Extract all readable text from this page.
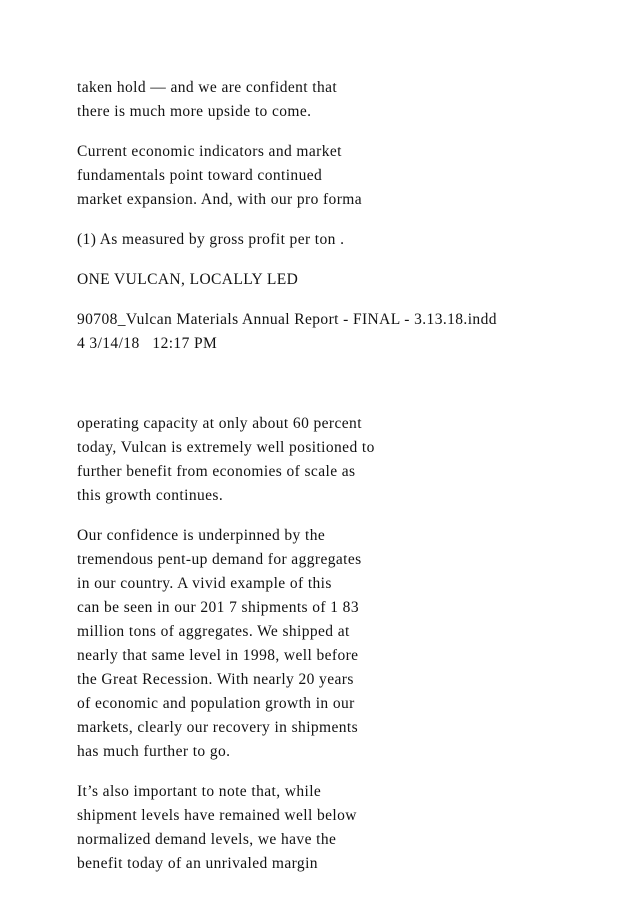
taken hold — and we are confident that
there is much more upside to come.
Current economic indicators and market
fundamentals point toward continued
market expansion. And, with our pro forma
(1) As measured by gross profit per ton .
ONE VULCAN, LOCALLY LED
90708_Vulcan Materials Annual Report - FINAL - 3.13.18.indd
4 3/14/18   12:17 PM
operating capacity at only about 60 percent
today, Vulcan is extremely well positioned to
further benefit from economies of scale as
this growth continues.
Our confidence is underpinned by the
tremendous pent-up demand for aggregates
in our country. A vivid example of this
can be seen in our 201 7 shipments of 1 83
million tons of aggregates. We shipped at
nearly that same level in 1998, well before
the Great Recession. With nearly 20 years
of economic and population growth in our
markets, clearly our recovery in shipments
has much further to go.
It’s also important to note that, while
shipment levels have remained well below
normalized demand levels, we have the
benefit today of an unrivaled margin
